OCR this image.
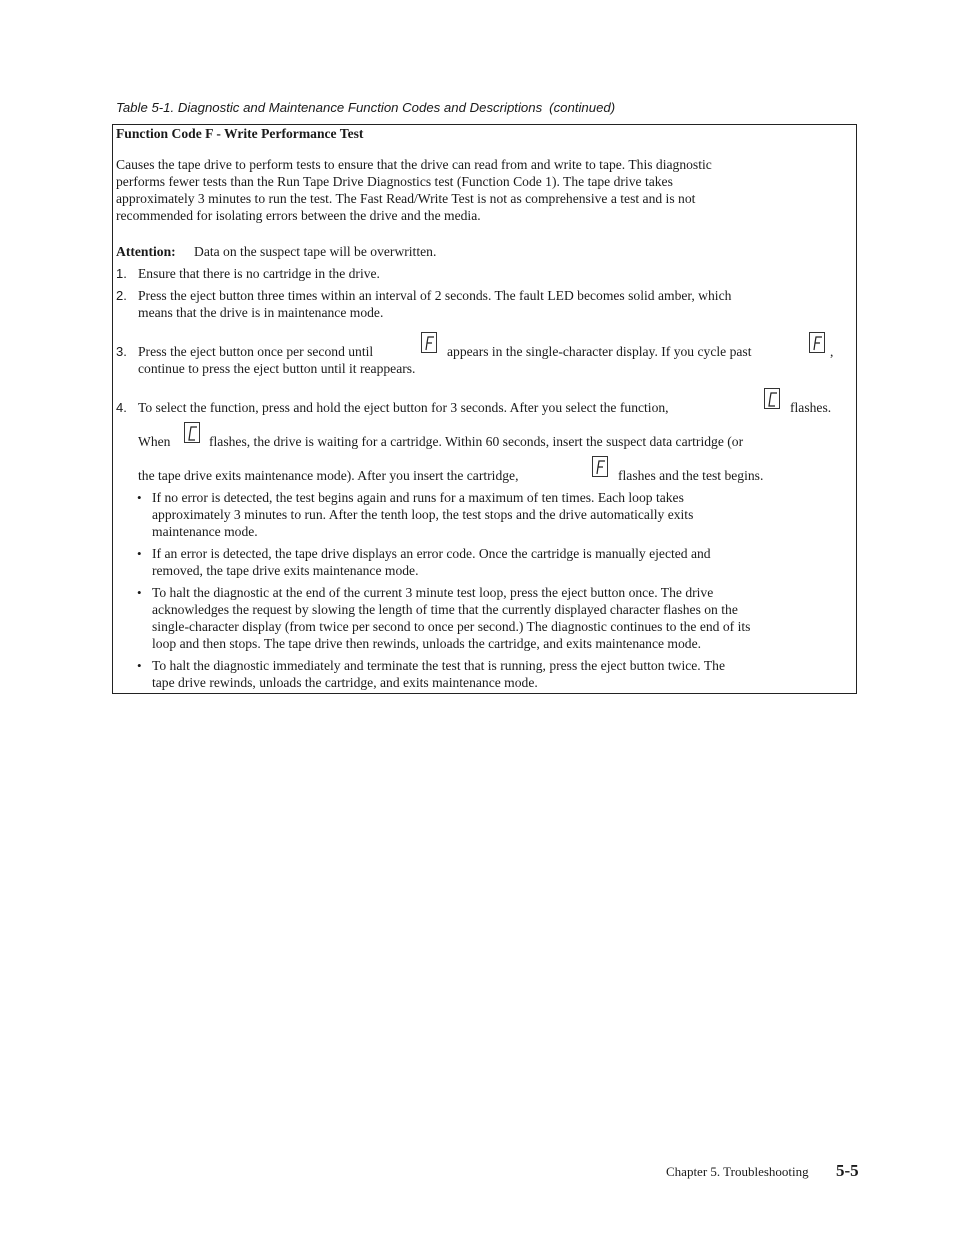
Table 5-1. Diagnostic and Maintenance Function Codes and Descriptions (continued)
Function Code F - Write Performance Test
Causes the tape drive to perform tests to ensure that the drive can read from and write to tape. This diagnostic
performs fewer tests than the Run Tape Drive Diagnostics test (Function Code 1). The tape drive takes
approximately 3 minutes to run the test. The Fast Read/Write Test is not as comprehensive a test and is not
recommended for isolating errors between the drive and the media.
Attention: Data on the suspect tape will be overwritten.
1. Ensure that there is no cartridge in the drive.
2. Press the eject button three times within an interval of 2 seconds. The fault LED becomes solid amber, which
means that the drive is in maintenance mode.
3. Press the eject button once per second until	appears in the single-character display. If you cycle past	,
continue to press the eject button until it reappears.
4. To select the function, press and hold the eject button for 3 seconds. After you select the function,	flashes.
When	flashes, the drive is waiting for a cartridge. Within 60 seconds, insert the suspect data cartridge (or
the tape drive exits maintenance mode). After you insert the cartridge,	flashes and the test begins.
• If no error is detected, the test begins again and runs for a maximum of ten times. Each loop takes
approximately 3 minutes to run. After the tenth loop, the test stops and the drive automatically exits
maintenance mode.
• If an error is detected, the tape drive displays an error code. Once the cartridge is manually ejected and
removed, the tape drive exits maintenance mode.
• To halt the diagnostic at the end of the current 3 minute test loop, press the eject button once. The drive
acknowledges the request by slowing the length of time that the currently displayed character flashes on the
single-character display (from twice per second to once per second.) The diagnostic continues to the end of its
loop and then stops. The tape drive then rewinds, unloads the cartridge, and exits maintenance mode.
• To halt the diagnostic immediately and terminate the test that is running, press the eject button twice. The
tape drive rewinds, unloads the cartridge, and exits maintenance mode.
Chapter 5. Troubleshooting 5-5
